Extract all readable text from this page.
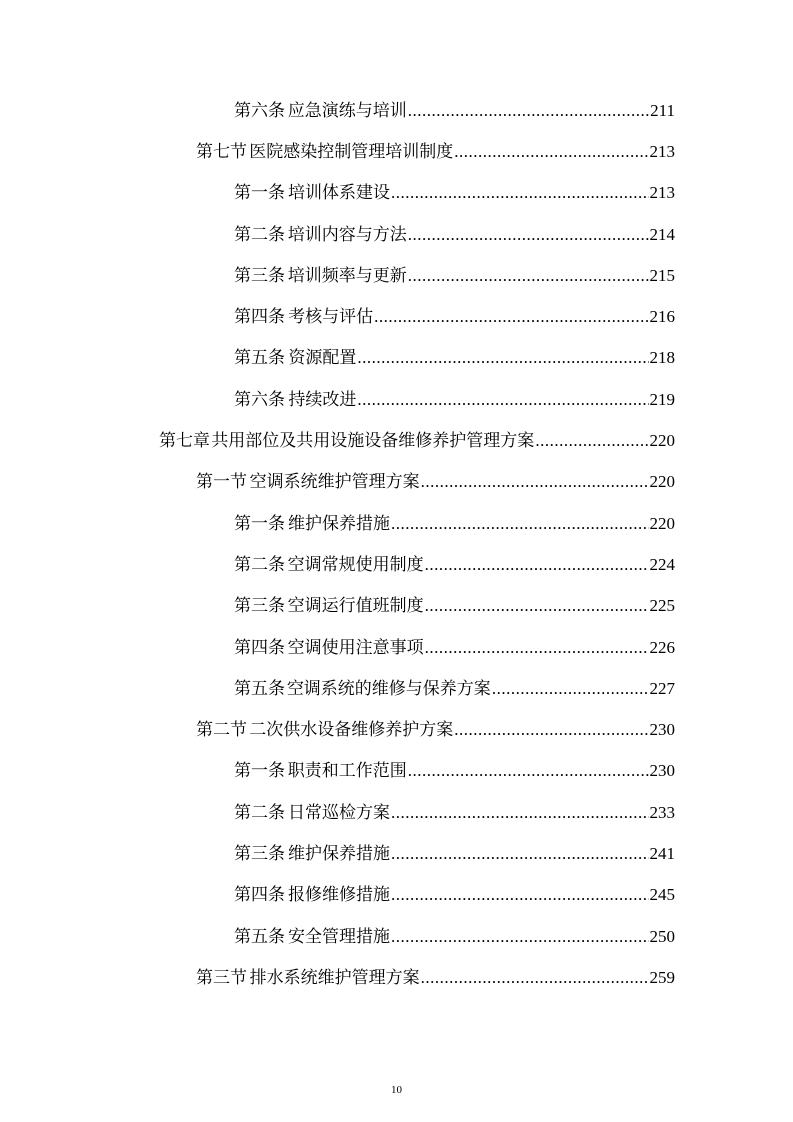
第六条 应急演练与培训 .....	211
第七节 医院感染控制管理培训制度 .....	213
第一条 培训体系建设 .....	213
第二条 培训内容与方法 .....	214
第三条 培训频率与更新 .....	215
第四条 考核与评估 .....	216
第五条 资源配置 .....	218
第六条 持续改进 .....	219
第七章 共用部位及共用设施设备维修养护管理方案 .....	220
第一节 空调系统维护管理方案 .....	220
第一条 维护保养措施 .....	220
第二条 空调常规使用制度 .....	224
第三条 空调运行值班制度 .....	225
第四条 空调使用注意事项 .....	226
第五条 空调系统的维修与保养方案 .....	227
第二节 二次供水设备维修养护方案 .....	230
第一条 职责和工作范围 .....	230
第二条 日常巡检方案 .....	233
第三条 维护保养措施 .....	241
第四条 报修维修措施 .....	245
第五条 安全管理措施 .....	250
第三节 排水系统维护管理方案 .....	259
10
